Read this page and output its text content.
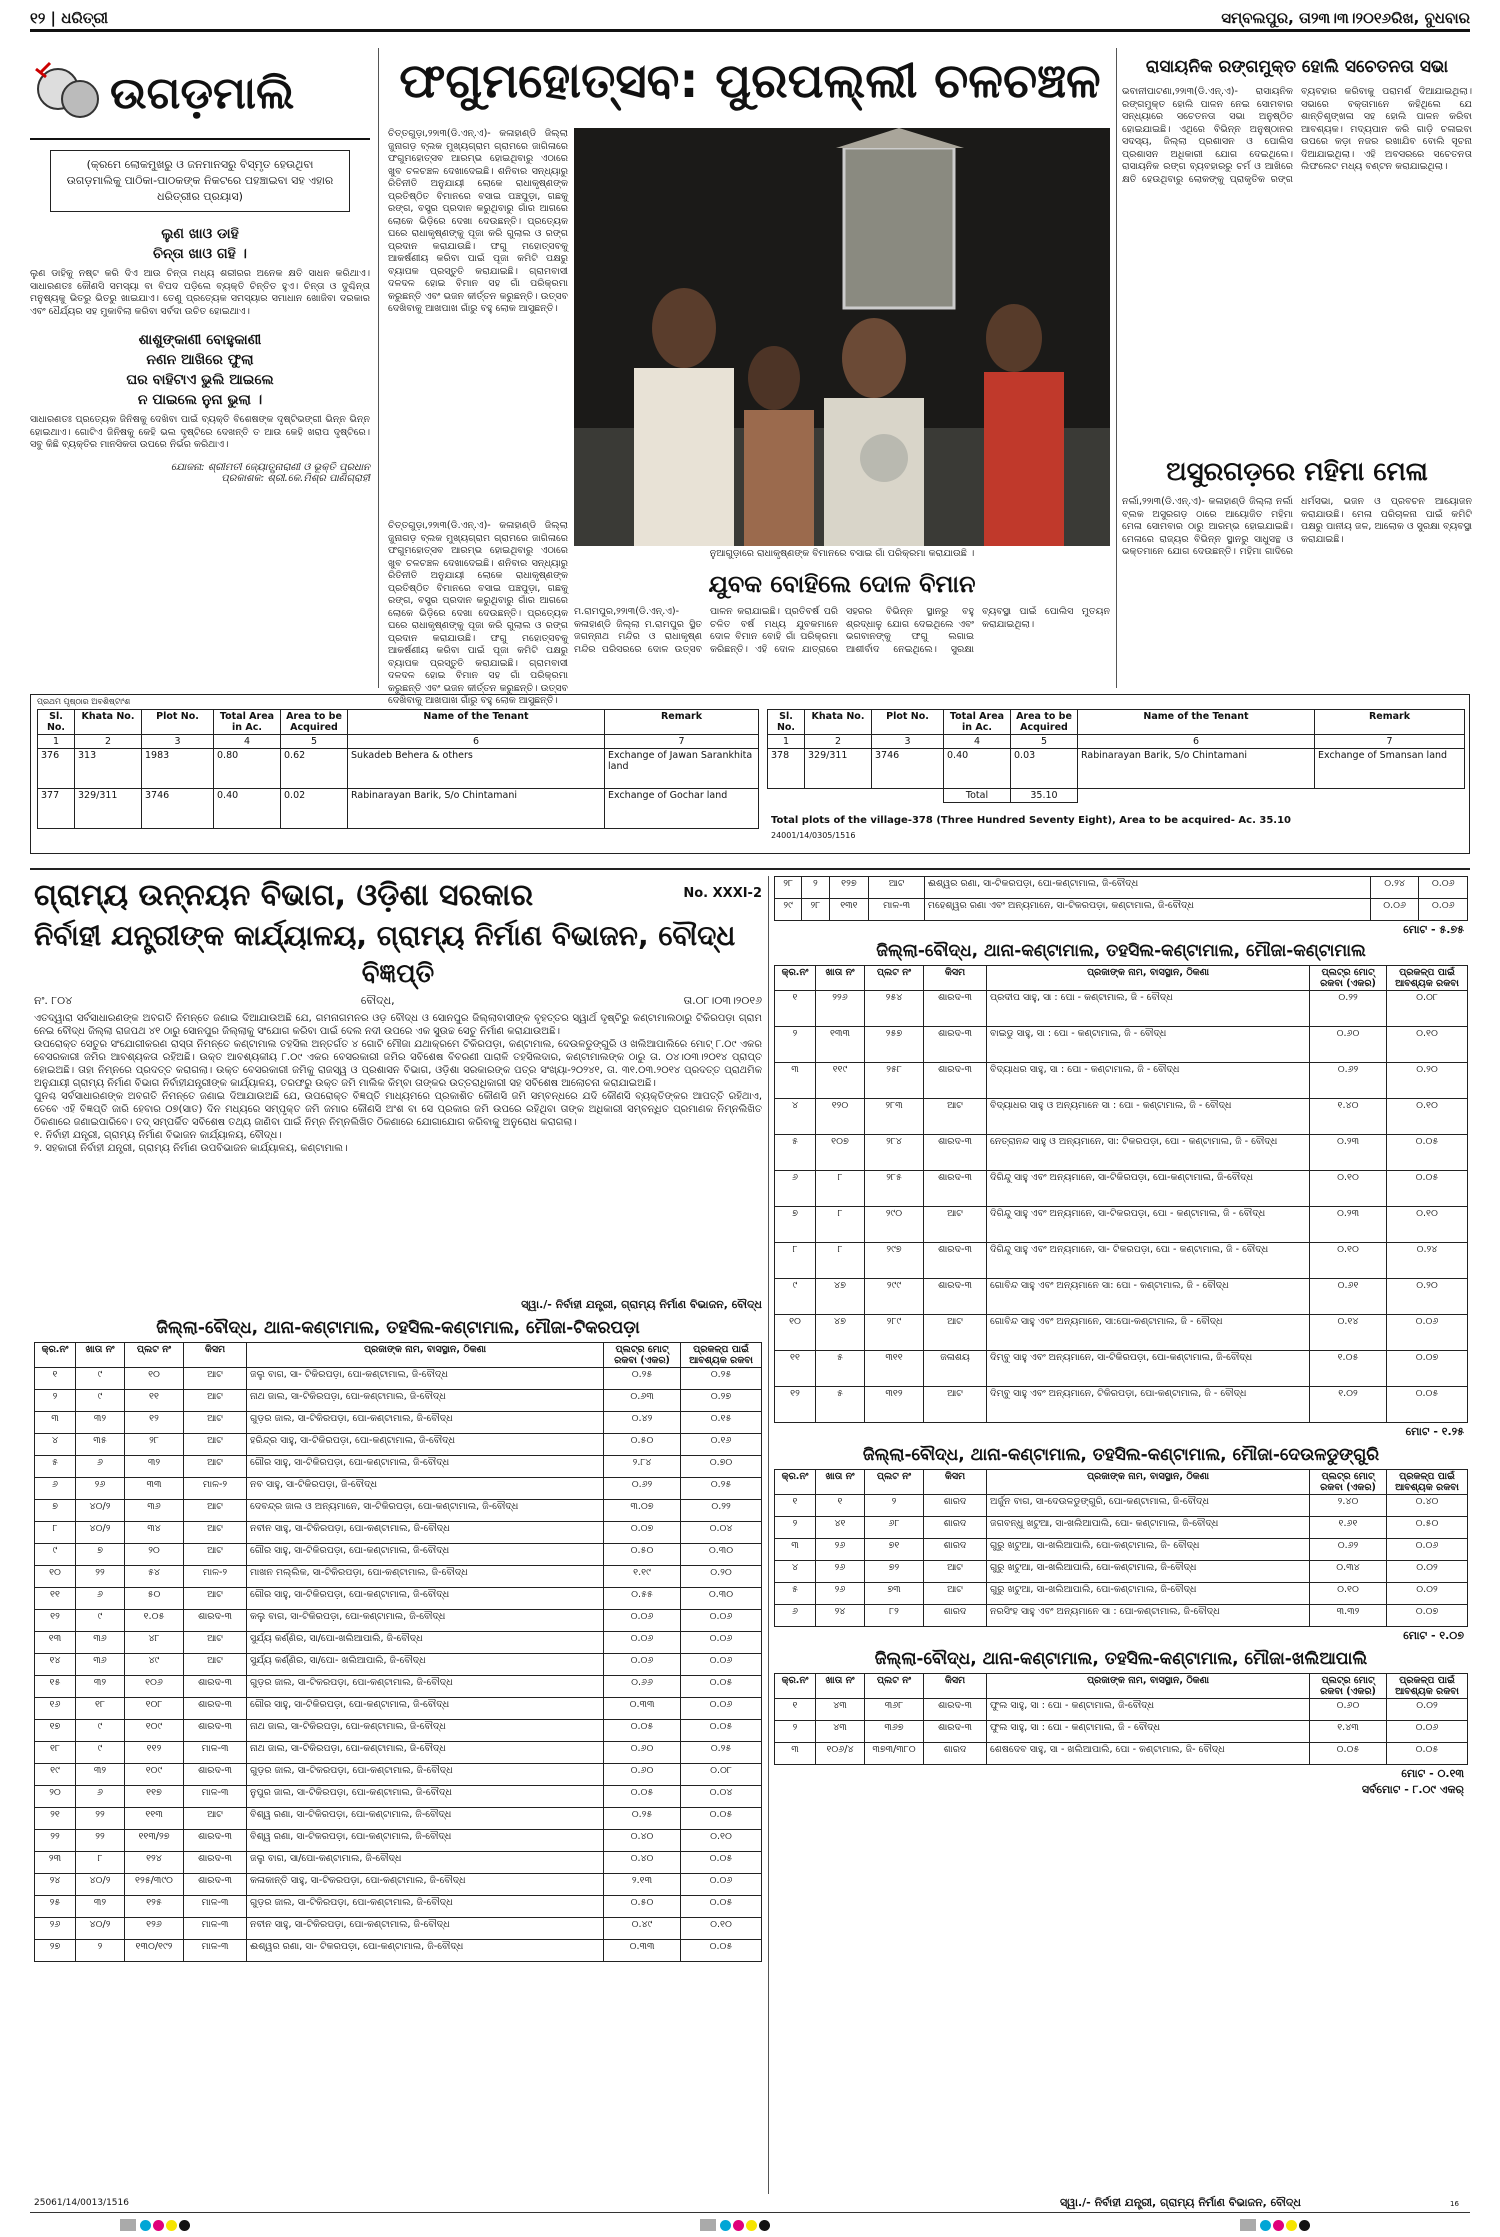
୧୨ | ଧରିତ୍ରୀ	ସମ୍ବଲପୁର, ତା୨୩।୩।୨୦୧୬ରିଖ, ବୁଧବାର
ଉଗଡ଼ମାଲି
(କ୍ରମେ ଲୋକମୁଖରୁ ଓ ଜନମାନସରୁ ବିସ୍ମୃତ ହେଉଥିବା ଉଗଡ଼ମାଲିକୁ ପାଠିକା-ପାଠକଙ୍କ ନିକଟରେ ପହଞ୍ଚାଇବା ସହ ଏହାର ଧରିତ୍ରୀର ପ୍ରୟାସ)
ଲୁଣ ଖାଓ ଡାହି
ଚିନ୍ତା ଖାଓ ଗହି ।
ଲୁଣ ଡାହିକୁ ନଷ୍ଟ କରି ଦିଏ ଆଉ ଚିନ୍ତା ମଧ୍ୟ ଶରୀରର ଅନେକ କ୍ଷତି ସାଧନ କରିଥାଏ। ସାଧାରଣତଃ କୌଣସି ସମସ୍ୟା ବା ବିପଦ ପଡ଼ିଲେ ବ୍ୟକ୍ତି ଚିନ୍ତିତ ହୁଏ। ଚିନ୍ତା ଓ ଦୁଶ୍ଚିନ୍ତା ମନୁଷ୍ୟକୁ ଭିତରୁ ଭିତରୁ ଖାଇଯାଏ। ତେଣୁ ପ୍ରତ୍ୟେକ ସମସ୍ୟାର ସମାଧାନ ଖୋଜିବା ଦରକାର ଏବଂ ଧୈର୍ଯ୍ୟର ସହ ମୁକାବିଲା କରିବା ସର୍ବଦା ଉଚିତ ହୋଇଥାଏ।
ଶାଶୁଙ୍କାଣୀ ବୋହୁକାଣୀ
ନଣନ ଆଖିରେ ଫୁଲା
ଘର ବାହିଟାଏ ଭୁଲି ଆଇଲେ
ନ ପାଇଲେ ନୁନା ଭୁଲା ।
ସାଧାରଣତଃ ପ୍ରତ୍ୟେକ ଜିନିଷକୁ ଦେଖିବା ପାଇଁ ବ୍ୟକ୍ତି ବିଶେଷଙ୍କ ଦୃଷ୍ଟିଭଙ୍ଗୀ ଭିନ୍ନ ଭିନ୍ନ ହୋଇଥାଏ। ଗୋଟିଏ ଜିନିଷକୁ କେହି ଭଲ ଦୃଷ୍ଟିରେ ଦେଖନ୍ତି ତ ଆଉ କେହି ଖରାପ ଦୃଷ୍ଟିରେ। ସବୁ କିଛି ବ୍ୟକ୍ତିର ମାନସିକତା ଉପରେ ନିର୍ଭର କରିଥାଏ।
ଯୋଜନା: ଶ୍ରୀମତୀ ଜ୍ୟୋତ୍ସ୍ନାରାଣୀ ଓ ଭୂକ୍ତି ପ୍ରଧାନ
ପ୍ରକାଶକ: ଶ୍ରୀ.କେ.ମିଶ୍ର ପାଣିଗ୍ରାହୀ
ଫଗୁମହୋତ୍ସବ: ପୁରପଲ୍ଲୀ ଚଳଚଞ୍ଚଳ
ଚିତ୍ତଗୁଡ଼ା,୨୨ା୩(ଡି.ଏନ୍.ଏ)- କଳାହାଣ୍ଡି ଜିଲ୍ଲା ଜୁନାଗଡ଼ ବ୍ଲକ ମୁଖ୍ୟଗ୍ରାମ ଗ୍ରାମରେ ଜାଗିଳାରେ ଫଗୁମହୋତ୍ସବ ଆରମ୍ଭ ହୋଇଥିବାରୁ ଏଠାରେ ଖୁବ ଚଳଚଞ୍ଚଳ ଦେଖାଦେଇଛି। ଶନିବାର ସନ୍ଧ୍ୟାରୁ ରିତିନୀତି ଅନୁଯାୟୀ ଲୋକେ ରାଧାକୃଷ୍ଣଙ୍କ ପ୍ରତିଷ୍ଠିତ ବିମାନରେ ବସାଇ ପଞ୍ଚପୁଡ଼ା, ଗଛକୁ ରଙ୍ଗ, ବସ୍ତ୍ର ପ୍ରଦାନ କରୁଥିବାରୁ ଗାଁର ଆଗରେ ଲୋକେ ଭିଡ଼ିରେ ଦେଖା ଦେଉଛନ୍ତି। ପ୍ରତ୍ୟେକ ଘରେ ରାଧାକୃଷ୍ଣଙ୍କୁ ପୂଜା କରି ଗୁଲାଲ ଓ ରଙ୍ଗ ପ୍ରଦାନ କରାଯାଉଛି। ଫଗୁ ମହୋତ୍ସବକୁ ଆକର୍ଷଣୀୟ କରିବା ପାଇଁ ପୂଜା କମିଟି ପକ୍ଷରୁ ବ୍ୟାପକ ପ୍ରସ୍ତୁତି କରାଯାଇଛି। ଗ୍ରାମବାସୀ ଦଳଦଳ ହୋଇ ବିମାନ ସହ ଗାଁ ପରିକ୍ରମା କରୁଛନ୍ତି ଏବଂ ଭଜନ କୀର୍ତ୍ତନ କରୁଛନ୍ତି। ଉତ୍ସବ ଦେଖିବାକୁ ଆଖପାଖ ଗାଁରୁ ବହୁ ଲୋକ ଆସୁଛନ୍ତି।
ନୁଆଗୁଡ଼ାରେ ରାଧାକୃଷ୍ଣଙ୍କ ବିମାନରେ ବସାଇ ଗାଁ ପରିକ୍ରମା କରାଯାଉଛି ।
ଯୁବକ ବୋହିଲେ ଦୋଳ ବିମାନ
ଚିତ୍ତଗୁଡ଼ା,୨୨ା୩(ଡି.ଏନ୍.ଏ)- କଳାହାଣ୍ଡି ଜିଲ୍ଲା ଜୁନାଗଡ଼ ବ୍ଲକ ମୁଖ୍ୟଗ୍ରାମ ଗ୍ରାମରେ ଜାଗିଳାରେ ଫଗୁମହୋତ୍ସବ ଆରମ୍ଭ ହୋଇଥିବାରୁ ଏଠାରେ ଖୁବ ଚଳଚଞ୍ଚଳ ଦେଖାଦେଇଛି। ଶନିବାର ସନ୍ଧ୍ୟାରୁ ରିତିନୀତି ଅନୁଯାୟୀ ଲୋକେ ରାଧାକୃଷ୍ଣଙ୍କ ପ୍ରତିଷ୍ଠିତ ବିମାନରେ ବସାଇ ପଞ୍ଚପୁଡ଼ା, ଗଛକୁ ରଙ୍ଗ, ବସ୍ତ୍ର ପ୍ରଦାନ କରୁଥିବାରୁ ଗାଁର ଆଗରେ ଲୋକେ ଭିଡ଼ିରେ ଦେଖା ଦେଉଛନ୍ତି। ପ୍ରତ୍ୟେକ ଘରେ ରାଧାକୃଷ୍ଣଙ୍କୁ ପୂଜା କରି ଗୁଲାଲ ଓ ରଙ୍ଗ ପ୍ରଦାନ କରାଯାଉଛି। ଫଗୁ ମହୋତ୍ସବକୁ ଆକର୍ଷଣୀୟ କରିବା ପାଇଁ ପୂଜା କମିଟି ପକ୍ଷରୁ ବ୍ୟାପକ ପ୍ରସ୍ତୁତି କରାଯାଇଛି। ଗ୍ରାମବାସୀ ଦଳଦଳ ହୋଇ ବିମାନ ସହ ଗାଁ ପରିକ୍ରମା କରୁଛନ୍ତି ଏବଂ ଭଜନ କୀର୍ତ୍ତନ କରୁଛନ୍ତି। ଉତ୍ସବ ଦେଖିବାକୁ ଆଖପାଖ ଗାଁରୁ ବହୁ ଲୋକ ଆସୁଛନ୍ତି।
ମ.ରାମପୁର,୨୨ା୩(ଡି.ଏନ୍.ଏ)- କଳାହାଣ୍ଡି ଜିଲ୍ଲା ମ.ରାମପୁର ସ୍ଥିତ ଜଗନ୍ନାଥ ମନ୍ଦିର ଓ ରାଧାକୃଷ୍ଣ ମନ୍ଦିର ପରିସରରେ ଦୋଳ ଉତ୍ସବ ପାଳନ କରାଯାଇଛି। ପ୍ରତିବର୍ଷ ପରି ଚଳିତ ବର୍ଷ ମଧ୍ୟ ଯୁବକମାନେ ଦୋଳ ବିମାନ ବୋହି ଗାଁ ପରିକ୍ରମା କରିଛନ୍ତି। ଏହି ଦୋଳ ଯାତ୍ରାରେ ସହରର ବିଭିନ୍ନ ସ୍ଥାନରୁ ବହୁ ଶ୍ରଦ୍ଧାଳୁ ଯୋଗ ଦେଇଥିଲେ ଏବଂ ଭଗବାନଙ୍କୁ ଫଗୁ ଲଗାଇ ଆଶୀର୍ବାଦ ନେଇଥିଲେ। ସୁରକ୍ଷା ବ୍ୟବସ୍ଥା ପାଇଁ ପୋଲିସ ମୁତୟନ କରାଯାଇଥିଲା।
ରାସାୟନିକ ରଙ୍ଗମୁକ୍ତ ହୋଲି ସଚେତନତା ସଭା
ଭବାନୀପାଟଣା,୨୨ା୩(ଡି.ଏନ୍.ଏ)- ରାସାୟନିକ ରଙ୍ଗମୁକ୍ତ ହୋଲି ପାଳନ ନେଇ ସୋମବାର ସନ୍ଧ୍ୟାରେ ସଚେତନତା ସଭା ଅନୁଷ୍ଠିତ ହୋଇଯାଇଛି। ଏଥିରେ ବିଭିନ୍ନ ଅନୁଷ୍ଠାନର ସଦସ୍ୟ, ଜିଲ୍ଲା ପ୍ରଶାସନ ଓ ପୋଲିସ ପ୍ରଶାସନ ଅଧିକାରୀ ଯୋଗ ଦେଇଥିଲେ। ରାସାୟନିକ ରଙ୍ଗ ବ୍ୟବହାରରୁ ଚର୍ମ ଓ ଆଖିରେ କ୍ଷତି ହେଉଥିବାରୁ ଲୋକଙ୍କୁ ପ୍ରାକୃତିକ ରଙ୍ଗ ବ୍ୟବହାର କରିବାକୁ ପରାମର୍ଶ ଦିଆଯାଇଥିଲା। ସଭାରେ ବକ୍ତାମାନେ କହିଥିଲେ ଯେ ଶାନ୍ତିଶୃଙ୍ଖଳା ସହ ହୋଲି ପାଳନ କରିବା ଆବଶ୍ୟକ। ମଦ୍ୟପାନ କରି ଗାଡ଼ି ଚଳାଇବା ଉପରେ କଡ଼ା ନଜର ରଖାଯିବ ବୋଲି ସୂଚନା ଦିଆଯାଇଥିଲା। ଏହି ଅବସରରେ ସଚେତନତା ଲିଫଲେଟ ମଧ୍ୟ ବଣ୍ଟନ କରାଯାଇଥିଲା।
ଅସୁରଗଡ଼ରେ ମହିମା ମେଳା
ନର୍ଲା,୨୨ା୩(ଡି.ଏନ୍.ଏ)- କଳାହାଣ୍ଡି ଜିଲ୍ଲା ନର୍ଲା ବ୍ଲକ ଅସୁରଗଡ଼ ଠାରେ ଆୟୋଜିତ ମହିମା ମେଳା ସୋମବାର ଠାରୁ ଆରମ୍ଭ ହୋଇଯାଇଛି। ମେଳାରେ ରାଜ୍ୟର ବିଭିନ୍ନ ସ୍ଥାନରୁ ସାଧୁସନ୍ଥ ଓ ଭକ୍ତମାନେ ଯୋଗ ଦେଉଛନ୍ତି। ମହିମା ଗାଦିରେ ଧର୍ମସଭା, ଭଜନ ଓ ପ୍ରବଚନ ଆୟୋଜନ କରାଯାଉଛି। ମେଳା ପରିଚାଳନା ପାଇଁ କମିଟି ପକ୍ଷରୁ ପାନୀୟ ଜଳ, ଆଲୋକ ଓ ସୁରକ୍ଷା ବ୍ୟବସ୍ଥା କରାଯାଇଛି।
ପ୍ରଥମ ପୃଷ୍ଠାର ଅବଶିଷ୍ଟାଂଶ
Sl. No.	Khata No.	Plot No.	Total Area in Ac.	Area to be Acquired	Name of the Tenant	Remark
1	2	3	4	5	6	7
376	313	1983	0.80	0.62	Sukadeb Behera & others	Exchange of Jawan Sarankhita land
377	329/311	3746	0.40	0.02	Rabinarayan Barik, S/o Chintamani	Exchange of Gochar land
Sl. No.	Khata No.	Plot No.	Total Area in Ac.	Area to be Acquired	Name of the Tenant	Remark
1	2	3	4	5	6	7
378	329/311	3746	0.40	0.03	Rabinarayan Barik, S/o Chintamani	Exchange of Smansan land
			Total	35.10		
Total plots of the village-378 (Three Hundred Seventy Eight), Area to be acquired- Ac. 35.10
24001/14/0305/1516
ଗ୍ରାମ୍ୟ ଉନ୍ନୟନ ବିଭାଗ, ଓଡ଼ିଶା ସରକାର	No. XXXI-2
ନିର୍ବାହୀ ଯନ୍ତ୍ରୀଙ୍କ କାର୍ଯ୍ୟାଳୟ, ଗ୍ରାମ୍ୟ ନିର୍ମାଣ ବିଭାଜନ, ବୌଦ୍ଧ
ବିଜ୍ଞପ୍ତି
ନଂ. ୮୦୪	ବୌଦ୍ଧ,	ତା.୦୮।୦୩।୨୦୧୬
ଏତଦ୍ୱାରା ସର୍ବସାଧାରଣଙ୍କ ଅବଗତି ନିମନ୍ତେ ଜଣାଇ ଦିଆଯାଉଅଛି ଯେ, ଗମନାଗମନର ଓଡ଼ ବୌଦ୍ଧ ଓ ସୋନପୁର ଜିଲ୍ଲାବାସୀଙ୍କ ବୃହତ୍ତର ସ୍ୱାର୍ଥ ଦୃଷ୍ଟିରୁ କଣ୍ଟାମାଲଠାରୁ ଟିକିରପଡ଼ା ଗ୍ରାମ ନେଇ ବୌଦ୍ଧ ଜିଲ୍ଲା ରାଜପଥ ୪୧ ଠାରୁ ସୋନପୁର ଜିଲ୍ଲାକୁ ସଂଯୋଗ କରିବା ପାଇଁ ଦେଲ ନଦୀ ଉପରେ ଏକ ସୁଉଚ୍ଚ ସେତୁ ନିର୍ମାଣ କରାଯାଉଅଛି।
ଉପରୋକ୍ତ ସେତୁର ସଂଯୋଗୀକରଣ ରାସ୍ତା ନିମନ୍ତେ କଣ୍ଟାମାଲ ତହସିଲ ଅନ୍ତର୍ଗତ ୪ ଗୋଟି ମୌଜା ଯଥାକ୍ରମେ ଟିକିରପଡ଼ା, କଣ୍ଟାମାଲ, ଦେଉଳଡୁଙ୍ଗୁରି ଓ ଖଲିଆପାଲିରେ ମୋଟ୍ ୮.୦୯ ଏକର ବେସରକାରୀ ଜମିର ଆବଶ୍ୟକତା ରହିଅଛି। ଉକ୍ତ ଆବଶ୍ୟକୀୟ ୮.୦୯ ଏକର ବେସରକାରୀ ଜମିର ସବିଶେଷ ବିବରଣୀ ପାରାଳି ତହସିଲଦାର, କଣ୍ଟାମାଲଙ୍କ ଠାରୁ ତା. ୦୪।୦୩।୨୦୧୪ ପ୍ରାପ୍ତ ହୋଇଅଛି। ତାହା ନିମ୍ନରେ ପ୍ରଦତ୍ତ କରାଗଲା। ଉକ୍ତ ବେସରକାରୀ ଜମିକୁ ରାଜସ୍ୱ ଓ ପ୍ରଶାସନ ବିଭାଗ, ଓଡ଼ିଶା ସରକାରଙ୍କ ପତ୍ର ସଂଖ୍ୟା-୨୦୨୪୧, ତା. ୩୧.୦୩.୨୦୧୪ ପ୍ରଦତ୍ତ ପ୍ରାଥମିକ ଅନୁଯାୟୀ ଗ୍ରାମ୍ୟ ନିର୍ମାଣ ବିଭାଗ ନିର୍ବାହୀଯନ୍ତ୍ରୀଙ୍କ କାର୍ଯ୍ୟାଳୟ, ତରଫରୁ ଉକ୍ତ ଜମି ମାଲିକ କିମ୍ବା ତାଙ୍କର ଉତ୍ତରାଧିକାରୀ ସହ ସବିଶେଷ ଆଲୋଚନା କରାଯାଇଅଛି।
ପୁନଶ୍ଚ ସର୍ବସାଧାରଣଙ୍କ ଅବଗତି ନିମନ୍ତେ ଜଣାଇ ଦିଆଯାଉଅଛି ଯେ, ଉପରୋକ୍ତ ବିଜ୍ଞପ୍ତି ମାଧ୍ୟମରେ ପ୍ରକାଶିତ କୌଣସି ଜମି ସମ୍ବନ୍ଧରେ ଯଦି କୌଣସି ବ୍ୟକ୍ତିଙ୍କର ଆପତ୍ତି ରହିଥାଏ, ତେବେ ଏହି ବିଜ୍ଞପ୍ତି ଜାରି ହେବାର ୦୭(ସାତ) ଦିନ ମଧ୍ୟରେ ସମ୍ପୃକ୍ତ ଜମି ଜମାର କୌଣସି ଅଂଶ ବା ସେ ପ୍ରକାର ଜମି ଉପରେ ରହିଥିବା ତାଙ୍କ ଅଧିକାରୀ ସମ୍ବନ୍ଧିତ ପ୍ରମାଣକ ନିମ୍ନଲିଖିତ ଠିକଣାରେ ଜଣାଇପାରିବେ। ତଦ୍ ସମ୍ପର୍କିତ ସବିଶେଷ ତଥ୍ୟ ଜାଣିବା ପାଇଁ ନିମ୍ନ ନିମ୍ନଲିଖିତ ଠିକଣାରେ ଯୋଗାଯୋଗ କରିବାକୁ ଅନୁରୋଧ କରାଗଲା।
୧. ନିର୍ବାହୀ ଯନ୍ତ୍ରୀ, ଗ୍ରାମ୍ୟ ନିର୍ମାଣ ବିଭାଜନ କାର୍ଯ୍ୟାଳୟ, ବୌଦ୍ଧ।
୨. ସହକାରୀ ନିର୍ବାହୀ ଯନ୍ତ୍ରୀ, ଗ୍ରାମ୍ୟ ନିର୍ମାଣ ଉପବିଭାଜନ କାର୍ଯ୍ୟାଳୟ, କଣ୍ଟାମାଲ।
ସ୍ୱା./- ନିର୍ବାହୀ ଯନ୍ତ୍ରୀ, ଗ୍ରାମ୍ୟ ନିର୍ମାଣ ବିଭାଜନ, ବୌଦ୍ଧ
ଜିଲ୍ଲା-ବୌଦ୍ଧ, ଥାନା-କଣ୍ଟାମାଲ, ତହସିଲ-କଣ୍ଟାମାଲ, ମୌଜା-ଟିକରପଡ଼ା
କ୍ର.ନଂ	ଖାତା ନଂ	ପ୍ଲଟ ନଂ	କିସମ	ପ୍ରଜାଙ୍କ ନାମ, ବାସସ୍ଥାନ, ଠିକଣା	ପ୍ଲଟ୍‌ର ମୋଟ୍ ରକବା (ଏକର)	ପ୍ରକଳ୍ପ ପାଇଁ ଆବଶ୍ୟକ ରକବା
୧	୯	୧୦	ଆଟ	ଜଲୁ ବାଗ, ସା- ଟିକିରପଡ଼ା, ପୋ-କଣ୍ଟାମାଲ, ଜି-ବୌଦ୍ଧ	୦.୨୫	୦.୨୫
୨	୯	୧୧	ଆଟ	ନାଥ ଜାଲ, ସା-ଟିକିରପଡ଼ା, ପୋ-କଣ୍ଟାମାଲ, ଜି-ବୌଦ୍ଧ	୦.୬୩	୦.୨୭
୩	୩୨	୧୨	ଆଟ	ଗୁଡ଼ର ଜାଲ, ସା-ଟିକିରପଡ଼ା, ପୋ-କଣ୍ଟାମାଲ, ଜି-ବୌଦ୍ଧ	୦.୪୨	୦.୧୫
୪	୩୫	୨୮	ଆଟ	ହରିନ୍ଦ୍ର ସାହୁ, ସା-ଟିକିରପଡ଼ା, ପୋ-କଣ୍ଟାମାଲ, ଜି-ବୌଦ୍ଧ	୦.୫୦	୦.୧୬
୫	୬	୩୨	ଆଟ	ଗୌର ସାହୁ, ସା-ଟିକିରପଡ଼ା, ପୋ-କଣ୍ଟାମାଲ, ଜି-ବୌଦ୍ଧ	୨.୮୪	୦.୭୦
୬	୨୬	୩୩	ମାଳ-୨	ନବ ସାହୁ, ସା-ଟିକିରପଡ଼ା, ଜି-ବୌଦ୍ଧ	୦.୬୨	୦.୨୫
୭	୪୦/୨	୩୬	ଆଟ	ଦେବନ୍ଦ୍ର ଜାଲ ଓ ଅନ୍ୟମାନେ, ସା-ଟିକିରପଡ଼ା, ପୋ-କଣ୍ଟାମାଲ, ଜି-ବୌଦ୍ଧ	୩.୦୭	୦.୨୨
୮	୪୦/୨	୩୪	ଆଟ	ନବୀନ ସାହୁ, ସା-ଟିକିରପଡ଼ା, ପୋ-କଣ୍ଟାମାଲ, ଜି-ବୌଦ୍ଧ	୦.୦୭	୦.୦୪
୯	୭	୨୦	ଆଟ	ଗୌର ସାହୁ, ସା-ଟିକିରପଡ଼ା, ପୋ-କଣ୍ଟାମାଲ, ଜି-ବୌଦ୍ଧ	୦.୫୦	୦.୩୦
୧୦	୨୨	୫୪	ମାଳ-୨	ମାଖନ ମଲ୍ଲିକ, ସା-ଟିକିରପଡ଼ା, ପୋ-କଣ୍ଟାମାଲ, ଜି-ବୌଦ୍ଧ	୧.୧୯	୦.୨୦
୧୧	୬	୫୦	ଆଟ	ଗୌର ସାହୁ, ସା-ଟିକିରପଡ଼ା, ପୋ-କଣ୍ଟାମାଲ, ଜି-ବୌଦ୍ଧ	୦.୫୫	୦.୩୦
୧୨	୯	୧.୦୫	ଶାରଦ-୩	କଲୁ ବାଗ, ସା-ଟିକିରପଡ଼ା, ପୋ-କଣ୍ଟାମାଲ, ଜି-ବୌଦ୍ଧ	୦.୦୬	୦.୦୬
୧୩	୩୬	୪୮	ଆଟ	ସୁର୍ଯ୍ୟ କର୍ଣ୍ଣିର, ସା/ପୋ-ଖଲିଆପାଲି, ଜି-ବୌଦ୍ଧ	୦.୦୬	୦.୦୬
୧୪	୩୬	୪୯	ଆଟ	ସୁର୍ଯ୍ୟ କର୍ଣ୍ଣିର, ସା/ପୋ- ଖଲିଆପାଲି, ଜି-ବୌଦ୍ଧ	୦.୦୬	୦.୦୬
୧୫	୩୨	୧୦୬	ଶାରଦ-୩	ଗୁଡ଼ର ଜାଲ, ସା-ଟିକରପଡ଼ା, ପୋ-କଣ୍ଟାମାଲ, ଜି-ବୌଦ୍ଧ	୦.୬୬	୦.୦୫
୧୬	୧୮	୧୦୮	ଶାରଦ-୩	ଗୌର ସାହୁ, ସା-ଟିକିରପଡ଼ା, ପୋ-କଣ୍ଟାମାଲ, ଜି-ବୌଦ୍ଧ	୦.୩୩	୦.୦୬
୧୭	୯	୧୦୯	ଶାରଦ-୩	ନାଥ ଜାଲ, ସା-ଟିକିରପଡ଼ା, ପୋ-କଣ୍ଟାମାଲ, ଜି-ବୌଦ୍ଧ	୦.୦୫	୦.୦୫
୧୮	୯	୧୧୨	ମାଳ-୩	ନାଥ ଜାଲ, ସା-ଟିକିରପଡ଼ା, ପୋ-କଣ୍ଟାମାଲ, ଜି-ବୌଦ୍ଧ	୦.୬୦	୦.୨୫
୧୯	୩୨	୧୦୯	ଶାରଦ-୩	ଗୁଡ଼ର ଜାଲ, ସା-ଟିକରପଡ଼ା, ପୋ-କଣ୍ଟାମାଲ, ଜି-ବୌଦ୍ଧ	୦.୬୦	୦.୦୮
୨୦	୬	୧୧୭	ମାଳ-୩	ନୁପୁର ଜାଲ, ସା-ଟିକିରପଡ଼ା, ପୋ-କଣ୍ଟାମାଲ, ଜି-ବୌଦ୍ଧ	୦.୦୫	୦.୦୪
୨୧	୨୨	୧୧୩	ଆଟ	ବିଶ୍ୱ ରଣା, ସା-ଟିକିରପଡ଼ା, ପୋ-କଣ୍ଟାମାଲ, ଜି-ବୌଦ୍ଧ	୦.୨୫	୦.୦୫
୨୨	୨୨	୧୧୩/୨୭	ଶାରଦ-୩	ବିଶ୍ୱ ରଣା, ସା-ଟିକରପଡ଼ା, ପୋ-କଣ୍ଟାମାଲ, ଜି-ବୌଦ୍ଧ	୦.୪୦	୦.୧୦
୨୩	୮	୧୨୪	ଶାରଦ-୩	ଜଲୁ ବାଗ, ସା/ପୋ-କଣ୍ଟାମାଲ, ଜି-ବୌଦ୍ଧ	୦.୪୦	୦.୦୫
୨୪	୪୦/୨	୧୨୫/୩୯୦	ଶାରଦ-୩	କଳାକାନ୍ତି ସାହୁ, ସା-ଟିକରପଡ଼ା, ପୋ-କଣ୍ଟାମାଲ, ଜି-ବୌଦ୍ଧ	୨.୧୩	୦.୦୬
୨୫	୩୨	୧୨୫	ମାଳ-୩	ଗୁଡ଼ର ଜାଲ, ସା-ଟିକିରପଡ଼ା, ପୋ-କଣ୍ଟାମାଲ, ଜି-ବୌଦ୍ଧ	୦.୫୦	୦.୦୫
୨୬	୪୦/୨	୧୨୬	ମାଳ-୩	ନବୀନ ସାହୁ, ସା-ଟିକିରପଡ଼ା, ପୋ-କଣ୍ଟାମାଲ, ଜି-ବୌଦ୍ଧ	୦.୪୯	୦.୧୦
୨୭	୨	୧୩୦/୧୯୨	ମାଳ-୩	ଈଶ୍ୱର ରଣା, ସା- ଟିକରପଡ଼ା, ପୋ-କଣ୍ଟାମାଲ, ଜି-ବୌଦ୍ଧ	୦.୩୩	୦.୦୫
୨୮	୨	୧୨୭	ଆଟ	ଈଶ୍ୱର ରଣା, ସା-ଟିକରପଡ଼ା, ପୋ-କଣ୍ଟାମାଲ, ଜି-ବୌଦ୍ଧ	୦.୨୪	୦.୦୬
୨୯	୨୮	୧୩୧	ମାଳ-୩	ମହେଶ୍ୱର ରଣା ଏବଂ ଅନ୍ୟମାନେ, ସା-ଟିକରପଡ଼ା, କଣ୍ଟାମାଲ, ଜି-ବୌଦ୍ଧ	୦.୦୬	୦.୦୬
ମୋଟ - ୫.୭୫
ଜିଲ୍ଲା-ବୌଦ୍ଧ, ଥାନା-କଣ୍ଟାମାଲ, ତହସିଲ-କଣ୍ଟାମାଲ, ମୌଜା-କଣ୍ଟାମାଲ
କ୍ର.ନଂ	ଖାତା ନଂ	ପ୍ଲଟ ନଂ	କିସମ	ପ୍ରଜାଙ୍କ ନାମ, ବାସସ୍ଥାନ, ଠିକଣା	ପ୍ଲଟ୍‌ର ମୋଟ୍ ରକବା (ଏକର)	ପ୍ରକଳ୍ପ ପାଇଁ ଆବଶ୍ୟକ ରକବା
୧	୨୨୬	୨୫୪	ଶାରଦ-୩	ପ୍ରଦୀପ ସାହୁ, ସା : ପୋ - କଣ୍ଟାମାଲ, ଜି - ବୌଦ୍ଧ	୦.୨୨	୦.୦୮
୨	୧୩୩	୨୫୭	ଶାରଦ-୩	ବାଇଡୁ ସାହୁ, ସା : ପୋ - କଣ୍ଟାମାଲ, ଜି - ବୌଦ୍ଧ	୦.୬୦	୦.୧୦
୩	୧୧୯	୨୫୮	ଶାରଦ-୩	ବିଦ୍ୟାଧର ସାହୁ, ସା : ପୋ - କଣ୍ଟାମାଲ, ଜି - ବୌଦ୍ଧ	୦.୬୨	୦.୨୦
୪	୧୨୦	୨୮୩	ଆଟ	ବିଦ୍ୟାଧର ସାହୁ ଓ ଅନ୍ୟମାନେ ସା : ପୋ - କଣ୍ଟାମାଲ, ଜି - ବୌଦ୍ଧ	୧.୪୦	୦.୧୦
୫	୧୦୭	୨୮୪	ଶାରଦ-୩	ନେତ୍ରାନନ୍ଦ ସାହୁ ଓ ଅନ୍ୟମାନେ, ସା: ଟିକରପଡ଼ା, ପୋ - କଣ୍ଟାମାଲ, ଜି - ବୌଦ୍ଧ	୦.୨୩	୦.୦୫
୬	୮	୨୮୫	ଶାରଦ-୩	ଦିଗିନ୍ଦୁ ସାହୁ ଏବଂ ଅନ୍ୟମାନେ, ସା-ଟିକିରପଡ଼ା, ପୋ-କଣ୍ଟାମାଲ, ଜି-ବୌଦ୍ଧ	୦.୧୦	୦.୦୫
୭	୮	୨୯୦	ଆଟ	ଦିଗିନ୍ଦୁ ସାହୁ ଏବଂ ଅନ୍ୟମାନେ, ସା-ଟିକରପଡ଼ା, ପୋ - କଣ୍ଟାମାଲ, ଜି - ବୌଦ୍ଧ	୦.୨୩	୦.୧୦
୮	୮	୨୯୭	ଶାରଦ-୩	ଦିଗିନ୍ଦୁ ସାହୁ ଏବଂ ଅନ୍ୟମାନେ, ସା- ଟିକରପଡ଼ା, ପୋ - କଣ୍ଟାମାଲ, ଜି - ବୌଦ୍ଧ	୦.୧୦	୦.୨୪
୯	୪୭	୨୯୯	ଶାରଦ-୩	ଗୋବିନ୍ଦ ସାହୁ ଏବଂ ଅନ୍ୟମାନେ ସା: ପୋ - କଣ୍ଟାମାଲ, ଜି - ବୌଦ୍ଧ	୦.୬୧	୦.୨୦
୧୦	୪୭	୨୮୯	ଆଟ	ଗୋବିନ୍ଦ ସାହୁ ଏବଂ ଅନ୍ୟମାନେ, ସା:ପୋ-କଣ୍ଟାମାଲ, ଜି - ବୌଦ୍ଧ	୦.୧୪	୦.୦୬
୧୧	୫	୩୧୧	ଜଳାଶୟ	ଦିମ୍ବୁ ସାହୁ ଏବଂ ଅନ୍ୟମାନେ, ସା-ଟିକିରପଡ଼ା, ପୋ-କଣ୍ଟାମାଲ, ଜି-ବୌଦ୍ଧ	୧.୦୫	୦.୦୭
୧୨	୫	୩୧୨	ଆଟ	ଦିମ୍ବୁ ସାହୁ ଏବଂ ଅନ୍ୟମାନେ, ଟିକିରପଡ଼ା, ପୋ-କଣ୍ଟାମାଲ, ଜି - ବୌଦ୍ଧ	୧.୦୨	୦.୦୫
ମୋଟ - ୧.୨୫
ଜିଲ୍ଲା-ବୌଦ୍ଧ, ଥାନା-କଣ୍ଟାମାଲ, ତହସିଲ-କଣ୍ଟାମାଲ, ମୌଜା-ଦେଉଳଡୁଙ୍ଗୁରି
କ୍ର.ନଂ	ଖାତା ନଂ	ପ୍ଲଟ ନଂ	କିସମ	ପ୍ରଜାଙ୍କ ନାମ, ବାସସ୍ଥାନ, ଠିକଣା	ପ୍ଲଟ୍‌ର ମୋଟ୍ ରକବା (ଏକର)	ପ୍ରକଳ୍ପ ପାଇଁ ଆବଶ୍ୟକ ରକବା
୧	୧	୨	ଶାରଦ	ଅର୍ଜୁନ ବାଗ, ସା-ଦେଉଳଡୁଙ୍ଗୁରି, ପୋ-କଣ୍ଟାମାଲ, ଜି-ବୌଦ୍ଧ	୨.୪୦	୦.୪୦
୨	୪୧	୬୮	ଶାରଦ	ଜଗବନ୍ଧୁ ଖଟୁଆ, ସା-ଖଲିଆପାଲି, ପୋ- କଣ୍ଟାମାଲ, ଜି-ବୌଦ୍ଧ	୧.୬୧	୦.୫୦
୩	୨୬	୭୧	ଶାରଦ	ଗୁରୁ ଖଟୁଆ, ସା-ଖଲିଆପାଲି, ପୋ-କଣ୍ଟାମାଲ, ଜି- ବୌଦ୍ଧ	୦.୬୨	୦.୦୬
୪	୨୬	୭୨	ଆଟ	ଗୁରୁ ଖଟୁଆ, ସା-ଖଲିଆପାଲି, ପୋ-କଣ୍ଟାମାଲ, ଜି-ବୌଦ୍ଧ	୦.୩୪	୦.୦୨
୫	୨୬	୭୩	ଆଟ	ଗୁରୁ ଖଟୁଆ, ସା-ଖଲିଆପାଲି, ପୋ-କଣ୍ଟାମାଲ, ଜି-ବୌଦ୍ଧ	୦.୧୦	୦.୦୨
୬	୨୪	୮୨	ଶାରଦ	ନରସିଂହ ସାହୁ ଏବଂ ଅନ୍ୟମାନେ ସା : ପୋ-କଣ୍ଟାମାଲ, ଜି-ବୌଦ୍ଧ	୩.୩୨	୦.୦୭
ମୋଟ - ୧.୦୭
ଜିଲ୍ଲା-ବୌଦ୍ଧ, ଥାନା-କଣ୍ଟାମାଲ, ତହସିଲ-କଣ୍ଟାମାଲ, ମୌଜା-ଖଲିଆପାଲି
କ୍ର.ନଂ	ଖାତା ନଂ	ପ୍ଲଟ ନଂ	କିସମ	ପ୍ରଜାଙ୍କ ନାମ, ବାସସ୍ଥାନ, ଠିକଣା	ପ୍ଲଟ୍‌ର ମୋଟ୍ ରକବା (ଏକର)	ପ୍ରକଳ୍ପ ପାଇଁ ଆବଶ୍ୟକ ରକବା
୧	୪୩	୩୬୮	ଶାରଦ-୩	ଫୁଲ ସାହୁ, ସା : ପୋ - କଣ୍ଟାମାଲ, ଜି-ବୌଦ୍ଧ	୦.୬୦	୦.୦୨
୨	୪୩	୩୬୭	ଶାରଦ-୩	ଫୁଲ ସାହୁ, ସା : ପୋ - କଣ୍ଟାମାଲ, ଜି - ବୌଦ୍ଧ	୧.୪୩	୦.୦୬
୩	୧୦୬/୪	୩୭୩/୩୮୦	ଶାରଦ	ଶେଷଦେବ ସାହୁ, ସା - ଖଲିଆପାଲି, ପୋ - କଣ୍ଟାମାଲ, ଜି- ବୌଦ୍ଧ	୦.୦୫	୦.୦୫
ମୋଟ - ୦.୧୩
ସର୍ବମୋଟ - ୮.୦୯ ଏକର୍
25061/14/0013/1516	ସ୍ୱା./- ନିର୍ବାହୀ ଯନ୍ତ୍ରୀ, ଗ୍ରାମ୍ୟ ନିର୍ମାଣ ବିଭାଜନ, ବୌଦ୍ଧ	16
